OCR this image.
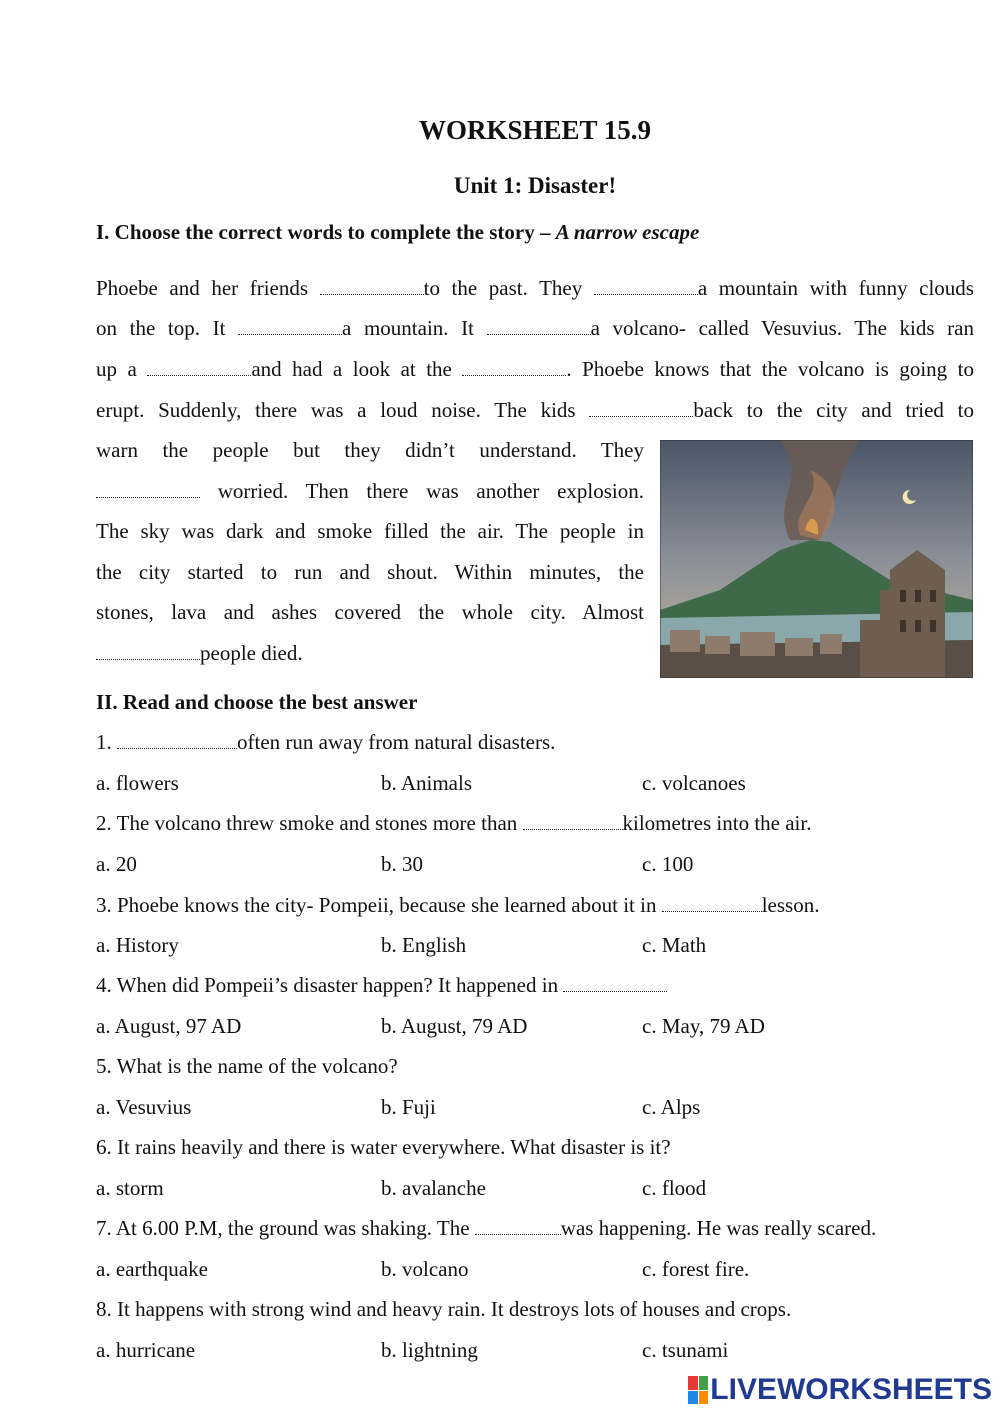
WORKSHEET 15.9
Unit 1: Disaster!
I. Choose the correct words to complete the story – A narrow escape
Phoebe and her friends	to the past. They	a mountain with funny clouds
on the top. It	a mountain. It	a volcano- called Vesuvius. The kids ran
up a	and had a look at the	. Phoebe knows that the volcano is going to
erupt. Suddenly, there was a loud noise. The kids	back to the city and tried to
warn the people but they didn’t understand. They
worried. Then there was another explosion.
The sky was dark and smoke filled the air. The people in
the city started to run and shout. Within minutes, the
stones, lava and ashes covered the whole city. Almost
people died.
II. Read and choose the best answer
1.	often run away from natural disasters.
a. flowers	b. Animals	c. volcanoes
2. The volcano threw smoke and stones more than	kilometres into the air.
a. 20	b. 30	c. 100
3. Phoebe knows the city- Pompeii, because she learned about it in	lesson.
a. History	b. English	c. Math
4. When did Pompeii’s disaster happen? It happened in
a. August, 97 AD	b. August, 79 AD	c. May, 79 AD
5. What is the name of the volcano?
a. Vesuvius	b. Fuji	c. Alps
6. It rains heavily and there is water everywhere. What disaster is it?
a. storm	b. avalanche	c. flood
7. At 6.00 P.M, the ground was shaking. The	was happening. He was really scared.
a. earthquake	b. volcano	c. forest fire.
8. It happens with strong wind and heavy rain. It destroys lots of houses and crops.
a. hurricane	b. lightning	c. tsunami
LIVEWORKSHEETS
